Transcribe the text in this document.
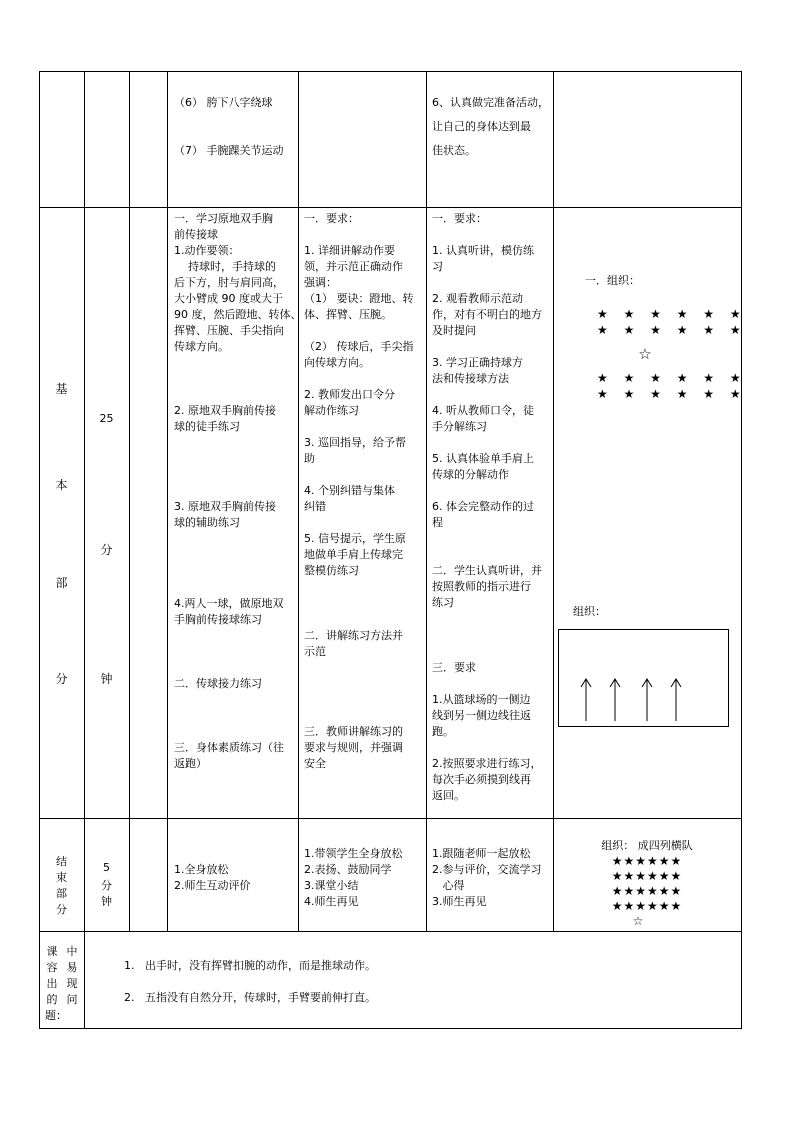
（6） 胯下八字绕球
（7） 手腕踝关节运动
6、认真做完准备活动，
让自己的身体达到最
佳状态。
基
本
部
分
25
分
钟
一．学习原地双手胸
前传接球
1.动作要领：
持球时，手持球的
后下方，肘与肩同高，
大小臂成 90 度或大于
90 度，然后蹬地、转体、
挥臂、压腕、手尖指向
传球方向。
2. 原地双手胸前传接
球的徒手练习
3. 原地双手胸前传接
球的辅助练习
4.两人一球，做原地双
手胸前传接球练习
二．传球接力练习
三．身体素质练习（往
返跑）
一．要求：
1. 详细讲解动作要
领，并示范正确动作
强调：
（1） 要诀：蹬地、转
体、挥臂、压腕。
（2） 传球后，手尖指
向传球方向。
2. 教师发出口令分
解动作练习
3. 巡回指导，给予帮
助
4. 个别纠错与集体
纠错
5. 信号提示，学生原
地做单手肩上传球完
整模仿练习
二．讲解练习方法并
示范
三．教师讲解练习的
要求与规则，并强调
安全
一．要求：
1. 认真听讲，模仿练
习
2. 观看教师示范动
作，对有不明白的地方
及时提问
3. 学习正确持球方
法和传接球方法
4. 听从教师口令，徒
手分解练习
5. 认真体验单手肩上
传球的分解动作
6. 体会完整动作的过
程
二．学生认真听讲，并
按照教师的指示进行
练习
三．要求
1.从篮球场的一侧边
线到另一侧边线往返
跑。
2.按照要求进行练习，
每次手必须摸到线再
返回。
一．组织：
★ ★ ★ ★ ★ ★
★ ★ ★ ★ ★ ★
☆
★ ★ ★ ★ ★ ★
★ ★ ★ ★ ★ ★
组织：
结
束
部
分
5
分
钟
1.全身放松
2.师生互动评价
1.带领学生全身放松
2.表扬、鼓励同学
3.课堂小结
4.师生再见
1.跟随老师一起放松
2.参与评价，交流学习
心得
3.师生再见
组织： 成四列横队
★★★★★★
★★★★★★
★★★★★★
★★★★★★
☆
课
容
出
的
题：
中
易
现
问
1.   出手时，没有挥臂扣腕的动作，而是推球动作。
2.   五指没有自然分开，传球时，手臂要前伸打直。
